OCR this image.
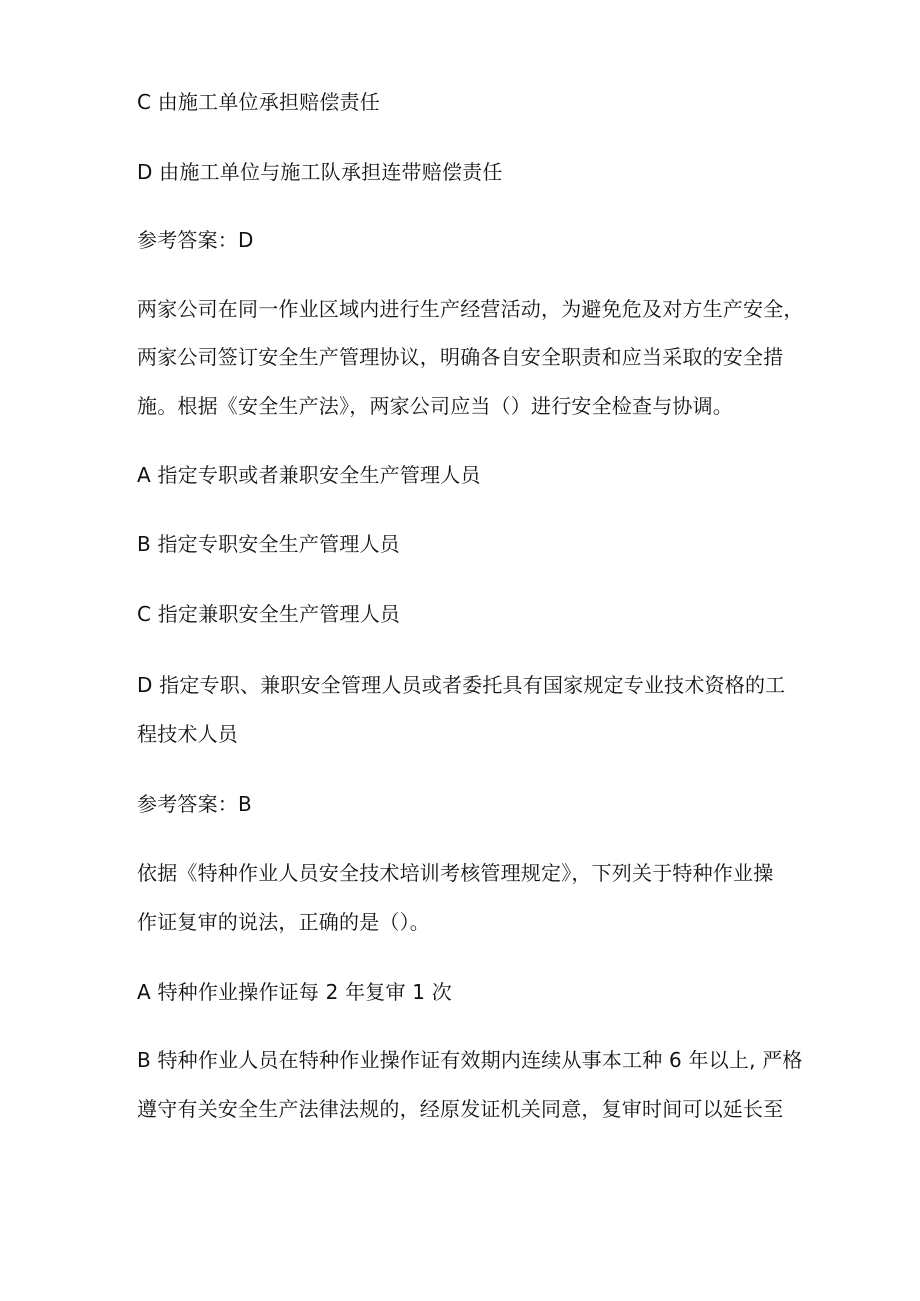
C 由施工单位承担赔偿责任
D 由施工单位与施工队承担连带赔偿责任
参考答案：D
两家公司在同一作业区域内进行生产经营活动，为避免危及对方生产安全，
两家公司签订安全生产管理协议，明确各自安全职责和应当采取的安全措
施。根据《安全生产法》，两家公司应当（）进行安全检查与协调。
A 指定专职或者兼职安全生产管理人员
B 指定专职安全生产管理人员
C 指定兼职安全生产管理人员
D 指定专职、兼职安全管理人员或者委托具有国家规定专业技术资格的工
程技术人员
参考答案：B
依据《特种作业人员安全技术培训考核管理规定》，下列关于特种作业操
作证复审的说法，正确的是（）。
A 特种作业操作证每 2 年复审 1 次
B 特种作业人员在特种作业操作证有效期内连续从事本工种 6 年以上, 严格
遵守有关安全生产法律法规的，经原发证机关同意，复审时间可以延长至
